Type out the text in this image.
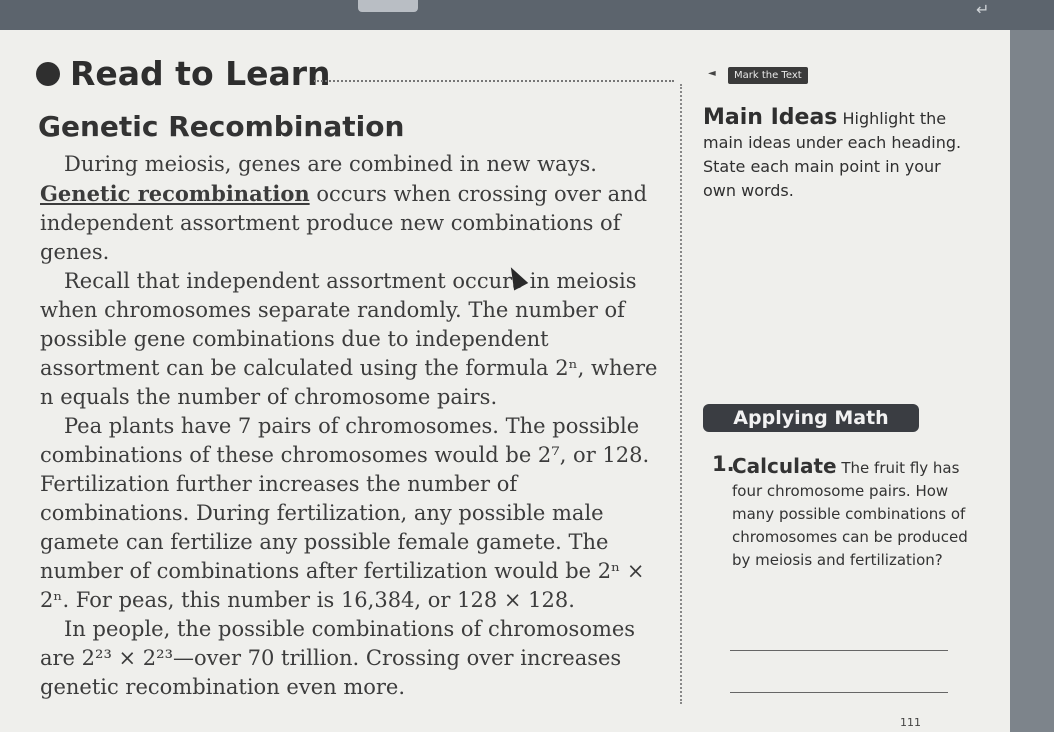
↵
Read to Learn	◄	Mark the Text
Genetic Recombination

During meiosis, genes are combined in new ways. Genetic recombination occurs when crossing over and independent assortment produce new combinations of genes.

Recall that independent assortment occurs in meiosis when chromosomes separate randomly. The number of possible gene combinations due to independent assortment can be calculated using the formula 2ⁿ, where n equals the number of chromosome pairs.

Pea plants have 7 pairs of chromosomes. The possible combinations of these chromosomes would be 2⁷, or 128. Fertilization further increases the number of combinations. During fertilization, any possible male gamete can fertilize any possible female gamete. The number of combinations after fertilization would be 2ⁿ × 2ⁿ. For peas, this number is 16,384, or 128 × 128.

In people, the possible combinations of chromosomes are 2²³ × 2²³—over 70 trillion. Crossing over increases genetic recombination even more.

Main Ideas Highlight the main ideas under each heading. State each main point in your own words.
Applying Math
1.
Calculate The fruit fly has four chromosome pairs. How many possible combinations of chromosomes can be produced by meiosis and fertilization?
111
